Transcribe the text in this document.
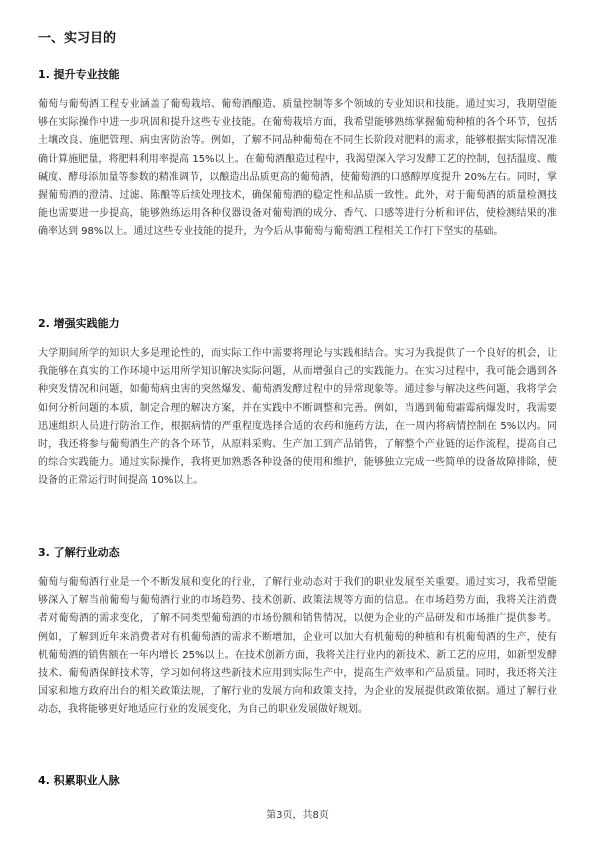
一、实习目的
1. 提升专业技能

葡萄与葡萄酒工程专业涵盖了葡萄栽培、葡萄酒酿造、质量控制等多个领域的专业知识和技能。通过实习，我期望能够在实际操作中进一步巩固和提升这些专业技能。在葡萄栽培方面，我希望能够熟练掌握葡萄种植的各个环节，包括土壤改良、施肥管理、病虫害防治等。例如，了解不同品种葡萄在不同生长阶段对肥料的需求，能够根据实际情况准确计算施肥量，将肥料利用率提高 15%以上。在葡萄酒酿造过程中，我渴望深入学习发酵工艺的控制，包括温度、酸碱度、酵母添加量等参数的精准调节，以酿造出品质更高的葡萄酒，使葡萄酒的口感醇厚度提升 20%左右。同时，掌握葡萄酒的澄清、过滤、陈酿等后续处理技术，确保葡萄酒的稳定性和品质一致性。此外，对于葡萄酒的质量检测技能也需要进一步提高，能够熟练运用各种仪器设备对葡萄酒的成分、香气、口感等进行分析和评估，使检测结果的准确率达到 98%以上。通过这些专业技能的提升，为今后从事葡萄与葡萄酒工程相关工作打下坚实的基础。

2. 增强实践能力

大学期间所学的知识大多是理论性的，而实际工作中需要将理论与实践相结合。实习为我提供了一个良好的机会，让我能够在真实的工作环境中运用所学知识解决实际问题，从而增强自己的实践能力。在实习过程中，我可能会遇到各种突发情况和问题，如葡萄病虫害的突然爆发、葡萄酒发酵过程中的异常现象等。通过参与解决这些问题，我将学会如何分析问题的本质，制定合理的解决方案，并在实践中不断调整和完善。例如，当遇到葡萄霜霉病爆发时，我需要迅速组织人员进行防治工作，根据病情的严重程度选择合适的农药和施药方法，在一周内将病情控制在 5%以内。同时，我还将参与葡萄酒生产的各个环节，从原料采购、生产加工到产品销售，了解整个产业链的运作流程，提高自己的综合实践能力。通过实际操作，我将更加熟悉各种设备的使用和维护，能够独立完成一些简单的设备故障排除，使设备的正常运行时间提高 10%以上。

3. 了解行业动态

葡萄与葡萄酒行业是一个不断发展和变化的行业，了解行业动态对于我们的职业发展至关重要。通过实习，我希望能够深入了解当前葡萄与葡萄酒行业的市场趋势、技术创新、政策法规等方面的信息。在市场趋势方面，我将关注消费者对葡萄酒的需求变化，了解不同类型葡萄酒的市场份额和销售情况，以便为企业的产品研发和市场推广提供参考。例如，了解到近年来消费者对有机葡萄酒的需求不断增加，企业可以加大有机葡萄的种植和有机葡萄酒的生产，使有机葡萄酒的销售额在一年内增长 25%以上。在技术创新方面，我将关注行业内的新技术、新工艺的应用，如新型发酵技术、葡萄酒保鲜技术等，学习如何将这些新技术应用到实际生产中，提高生产效率和产品质量。同时，我还将关注国家和地方政府出台的相关政策法规，了解行业的发展方向和政策支持，为企业的发展提供政策依据。通过了解行业动态，我将能够更好地适应行业的发展变化，为自己的职业发展做好规划。

4. 积累职业人脉
第3页，共8页
